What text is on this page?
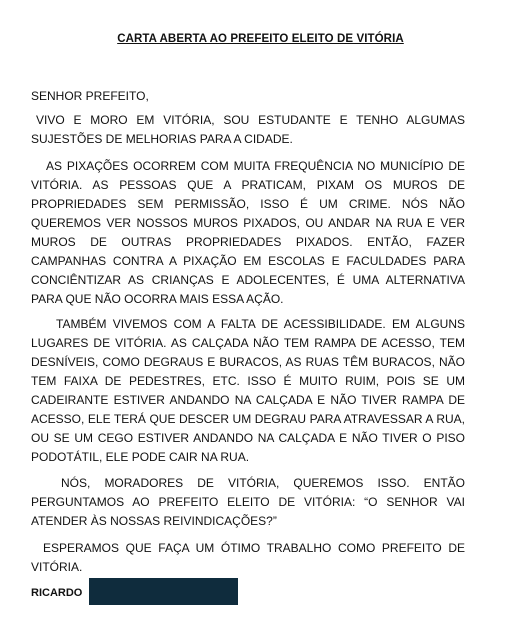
CARTA ABERTA AO PREFEITO ELEITO DE VITÓRIA
SENHOR PREFEITO,

VIVO E MORO EM VITÓRIA, SOU ESTUDANTE E TENHO ALGUMAS SUJESTÕES DE MELHORIAS PARA A CIDADE.

AS PIXAÇÕES OCORREM COM MUITA FREQUÊNCIA NO MUNICÍPIO DE VITÓRIA. AS PESSOAS QUE A PRATICAM, PIXAM OS MUROS DE PROPRIEDADES SEM PERMISSÃO, ISSO É UM CRIME. NÓS NÃO QUEREMOS VER NOSSOS MUROS PIXADOS, OU ANDAR NA RUA E VER MUROS DE OUTRAS PROPRIEDADES PIXADOS. ENTÃO, FAZER CAMPANHAS CONTRA A PIXAÇÃO EM ESCOLAS E FACULDADES PARA CONCIÊNTIZAR AS CRIANÇAS E ADOLECENTES, É UMA ALTERNATIVA PARA QUE NÃO OCORRA MAIS ESSA AÇÃO.

TAMBÉM VIVEMOS COM A FALTA DE ACESSIBILIDADE. EM ALGUNS LUGARES DE VITÓRIA. AS CALÇADA NÃO TEM RAMPA DE ACESSO, TEM DESNÍVEIS, COMO DEGRAUS E BURACOS, AS RUAS TÊM BURACOS, NÃO TEM FAIXA DE PEDESTRES, ETC. ISSO É MUITO RUIM, POIS SE UM CADEIRANTE ESTIVER ANDANDO NA CALÇADA E NÃO TIVER RAMPA DE ACESSO, ELE TERÁ QUE DESCER UM DEGRAU PARA ATRAVESSAR A RUA, OU SE UM CEGO ESTIVER ANDANDO NA CALÇADA E NÃO TIVER O PISO PODOTÁTIL, ELE PODE CAIR NA RUA.

NÓS, MORADORES DE VITÓRIA, QUEREMOS ISSO. ENTÃO PERGUNTAMOS AO PREFEITO ELEITO DE VITÓRIA: “O SENHOR VAI ATENDER ÀS NOSSAS REIVINDICAÇÕES?”

ESPERAMOS QUE FAÇA UM ÓTIMO TRABALHO COMO PREFEITO DE VITÓRIA.

RICARDO
